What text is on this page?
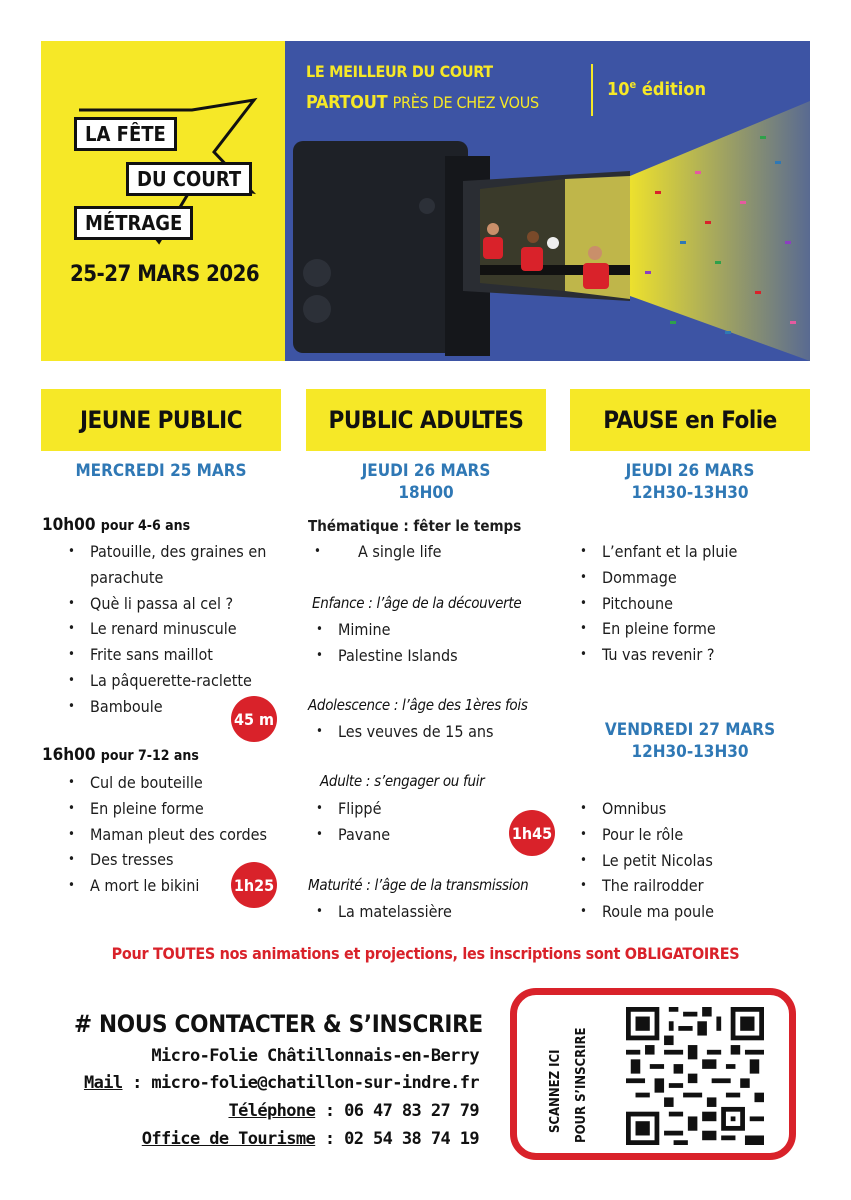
LA FÊTE
DU COURT
MÉTRAGE
25-27 MARS 2026
LE MEILLEUR DU COURT
PARTOUT PRÈS DE CHEZ VOUS
10e édition
JEUNE PUBLIC	PUBLIC ADULTES	PAUSE en Folie
MERCREDI 25 MARS
10h00 pour 4-6 ans
• Patouille, des graines en parachute
• Què li passa al cel ?
• Le renard minuscule
• Frite sans maillot
• La pâquerette-raclette
• Bamboule
45 m
16h00 pour 7-12 ans
• Cul de bouteille
• En pleine forme
• Maman pleut des cordes
• Des tresses
• A mort le bikini	1h25
JEUDI 26 MARS
18H00
Thématique : fêter le temps
• A single life
Enfance : l’âge de la découverte
• Mimine
• Palestine Islands
Adolescence : l’âge des 1ères fois
• Les veuves de 15 ans
Adulte : s’engager ou fuir
• Flippé
• Pavane	1h45
Maturité : l’âge de la transmission
• La matelassière
JEUDI 26 MARS
12H30-13H30
• L’enfant et la pluie
• Dommage
• Pitchoune
• En pleine forme
• Tu vas revenir ?
VENDREDI 27 MARS
12H30-13H30
• Omnibus
• Pour le rôle
• Le petit Nicolas
• The railrodder
• Roule ma poule
Pour TOUTES nos animations et projections, les inscriptions sont OBLIGATOIRES
# NOUS CONTACTER & S’INSCRIRE
Micro-Folie Châtillonnais-en-Berry
Mail : micro-folie@chatillon-sur-indre.fr
Téléphone : 06 47 83 27 79
Office de Tourisme : 02 54 38 74 19
SCANNEZ ICI POUR S’INSCRIRE
